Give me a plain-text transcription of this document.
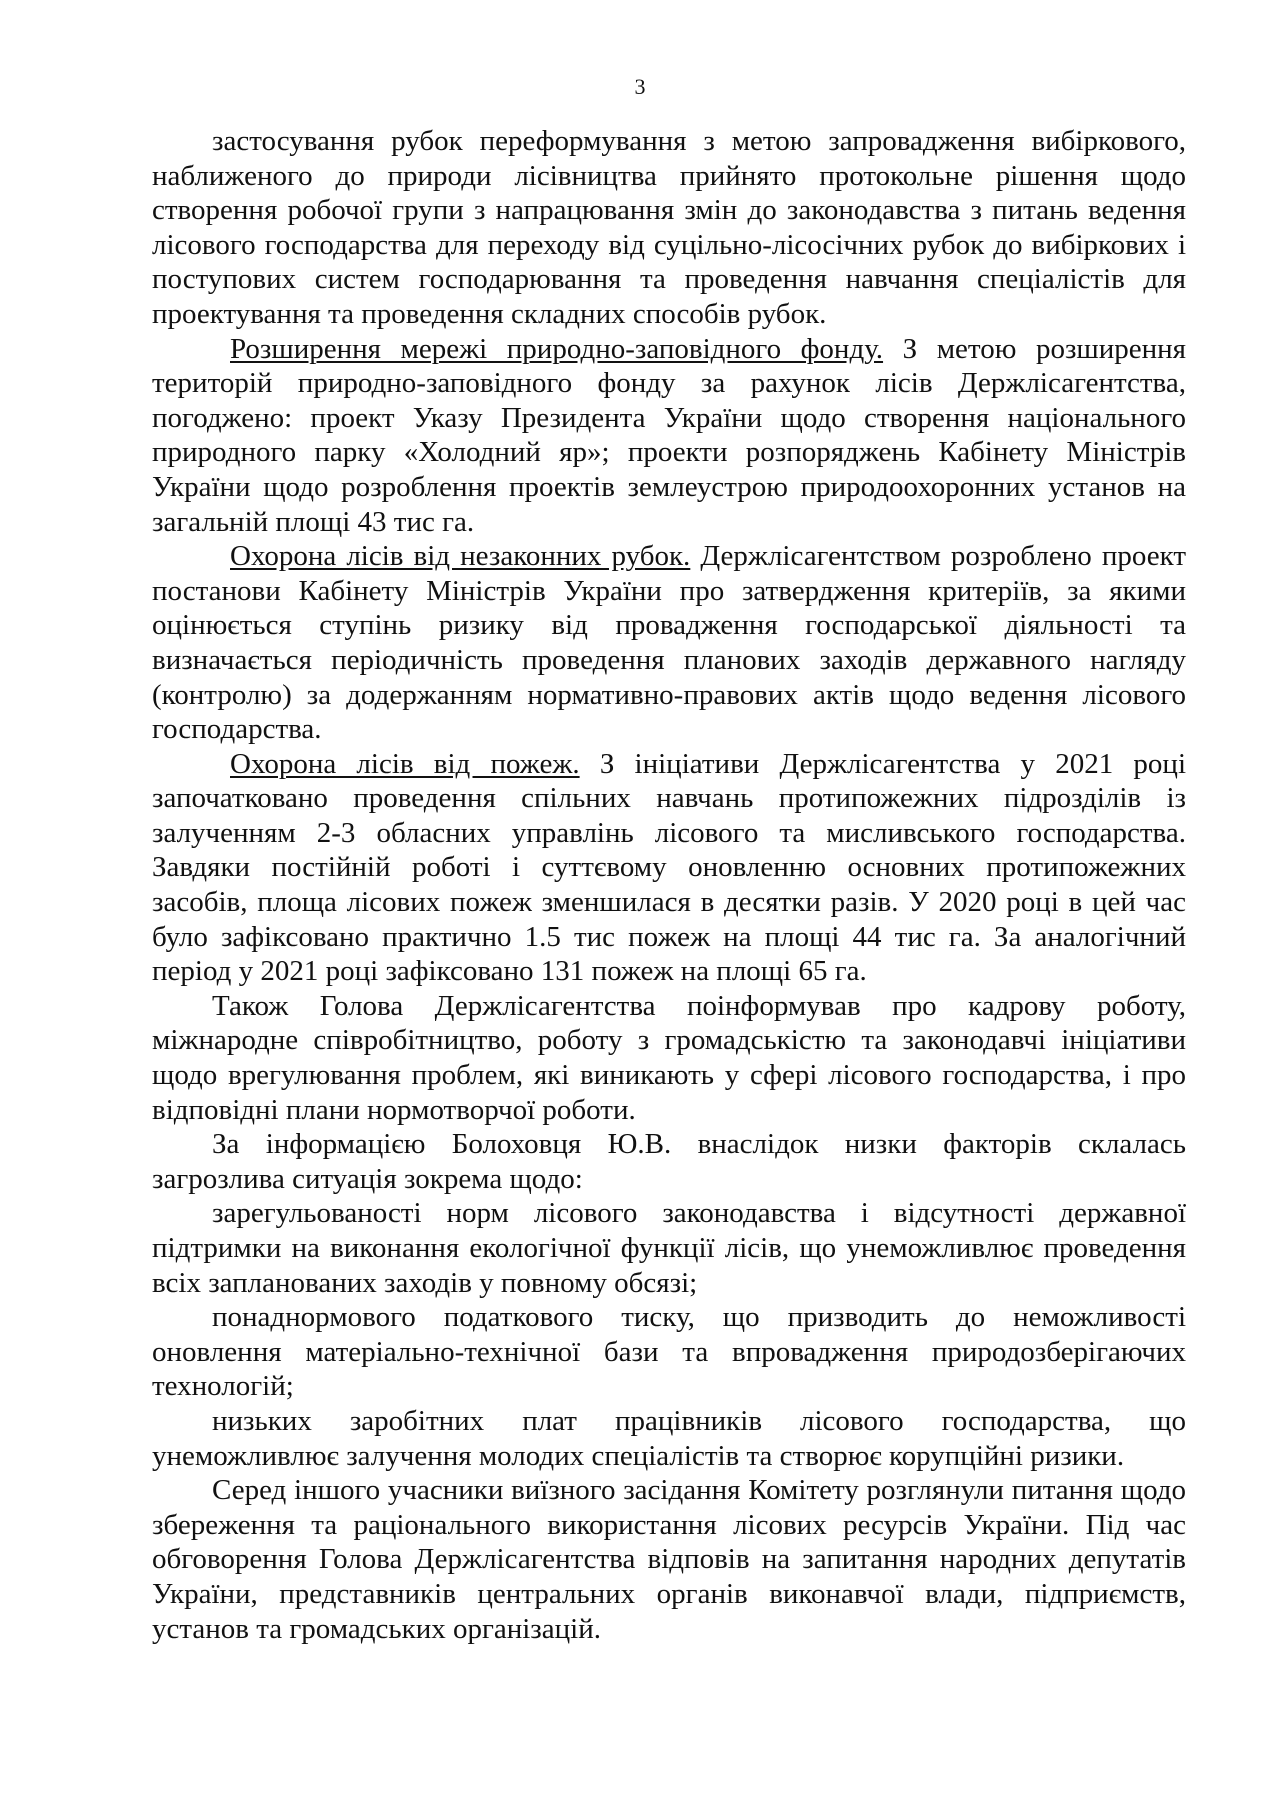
3

застосування рубок переформування з метою запровадження вибіркового, наближеного до природи лісівництва прийнято протокольне рішення щодо створення робочої групи з напрацювання змін до законодавства з питань ведення лісового господарства для переходу від суцільно-лісосічних рубок до вибіркових і поступових систем господарювання та проведення навчання спеціалістів для проектування та проведення складних способів рубок.

Розширення мережі природно-заповідного фонду. З метою розширення територій природно-заповідного фонду за рахунок лісів Держлісагентства, погоджено: проект Указу Президента України щодо створення національного природного парку «Холодний яр»; проекти розпоряджень Кабінету Міністрів України щодо розроблення проектів землеустрою природоохоронних установ на загальній площі 43 тис га.

Охорона лісів від незаконних рубок. Держлісагентством розроблено проект постанови Кабінету Міністрів України про затвердження критеріїв, за якими оцінюється ступінь ризику від провадження господарської діяльності та визначається періодичність проведення планових заходів державного нагляду (контролю) за додержанням нормативно-правових актів щодо ведення лісового господарства.

Охорона лісів від пожеж. З ініціативи Держлісагентства у 2021 році започатковано проведення спільних навчань протипожежних підрозділів із залученням 2-3 обласних управлінь лісового та мисливського господарства. Завдяки постійній роботі і суттєвому оновленню основних протипожежних засобів, площа лісових пожеж зменшилася в десятки разів. У 2020 році в цей час було зафіксовано практично 1.5 тис пожеж на площі 44 тис га. За аналогічний період у 2021 році зафіксовано 131 пожеж на площі 65 га.

Також Голова Держлісагентства поінформував про кадрову роботу, міжнародне співробітництво, роботу з громадськістю та законодавчі ініціативи щодо врегулювання проблем, які виникають у сфері лісового господарства, і про відповідні плани нормотворчої роботи.

За інформацією Болоховця Ю.В. внаслідок низки факторів склалась загрозлива ситуація зокрема щодо:

зарегульованості норм лісового законодавства і відсутності державної підтримки на виконання екологічної функції лісів, що унеможливлює проведення всіх запланованих заходів у повному обсязі;

понаднормового податкового тиску, що призводить до неможливості оновлення матеріально-технічної бази та впровадження природозберігаючих технологій;

низьких заробітних плат працівників лісового господарства, що унеможливлює залучення молодих спеціалістів та створює корупційні ризики.

Серед іншого учасники виїзного засідання Комітету розглянули питання щодо збереження та раціонального використання лісових ресурсів України. Під час обговорення Голова Держлісагентства відповів на запитання народних депутатів України, представників центральних органів виконавчої влади, підприємств, установ та громадських організацій.
